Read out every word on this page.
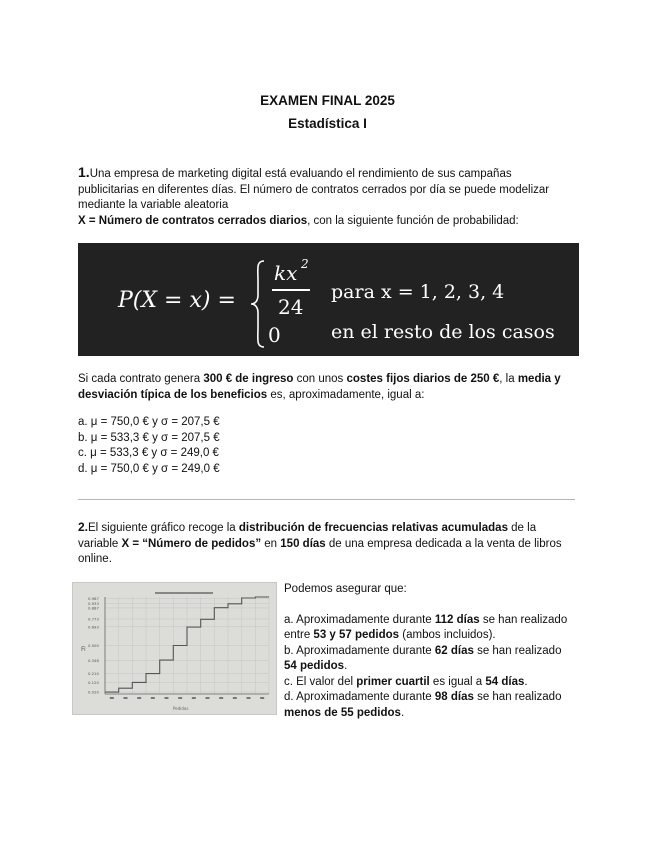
EXAMEN FINAL 2025
Estadística I
1.Una empresa de marketing digital está evaluando el rendimiento de sus campañas
publicitarias en diferentes días. El número de contratos cerrados por día se puede modelizar
mediante la variable aleatoria
X = Número de contratos cerrados diarios, con la siguiente función de probabilidad:
P(X = x) =
kx 2
24
0
para x = 1, 2, 3, 4
en el resto de los casos
Si cada contrato genera 300 € de ingreso con unos costes fijos diarios de 250 €, la media y
desviación típica de los beneficios es, aproximadamente, igual a:
a. μ = 750,0 € y σ = 207,5 €
b. μ = 533,3 € y σ = 207,5 €
c. μ = 533,3 € y σ = 249,0 €
d. μ = 750,0 € y σ = 249,0 €
2.El siguiente gráfico recoge la distribución de frecuencias relativas acumuladas de la
variable X = “Número de pedidos” en 150 días de una empresa dedicada a la venta de libros
online.
0.987
0.933
0.887
0.773
0.693
0.500
0.346
0.210
0.120
0.020
Fi
Pedidos
Podemos asegurar que:
a. Aproximadamente durante 112 días se han realizado
entre 53 y 57 pedidos (ambos incluidos).
b. Aproximadamente durante 62 días se han realizado
54 pedidos.
c. El valor del primer cuartil es igual a 54 días.
d. Aproximadamente durante 98 días se han realizado
menos de 55 pedidos.
